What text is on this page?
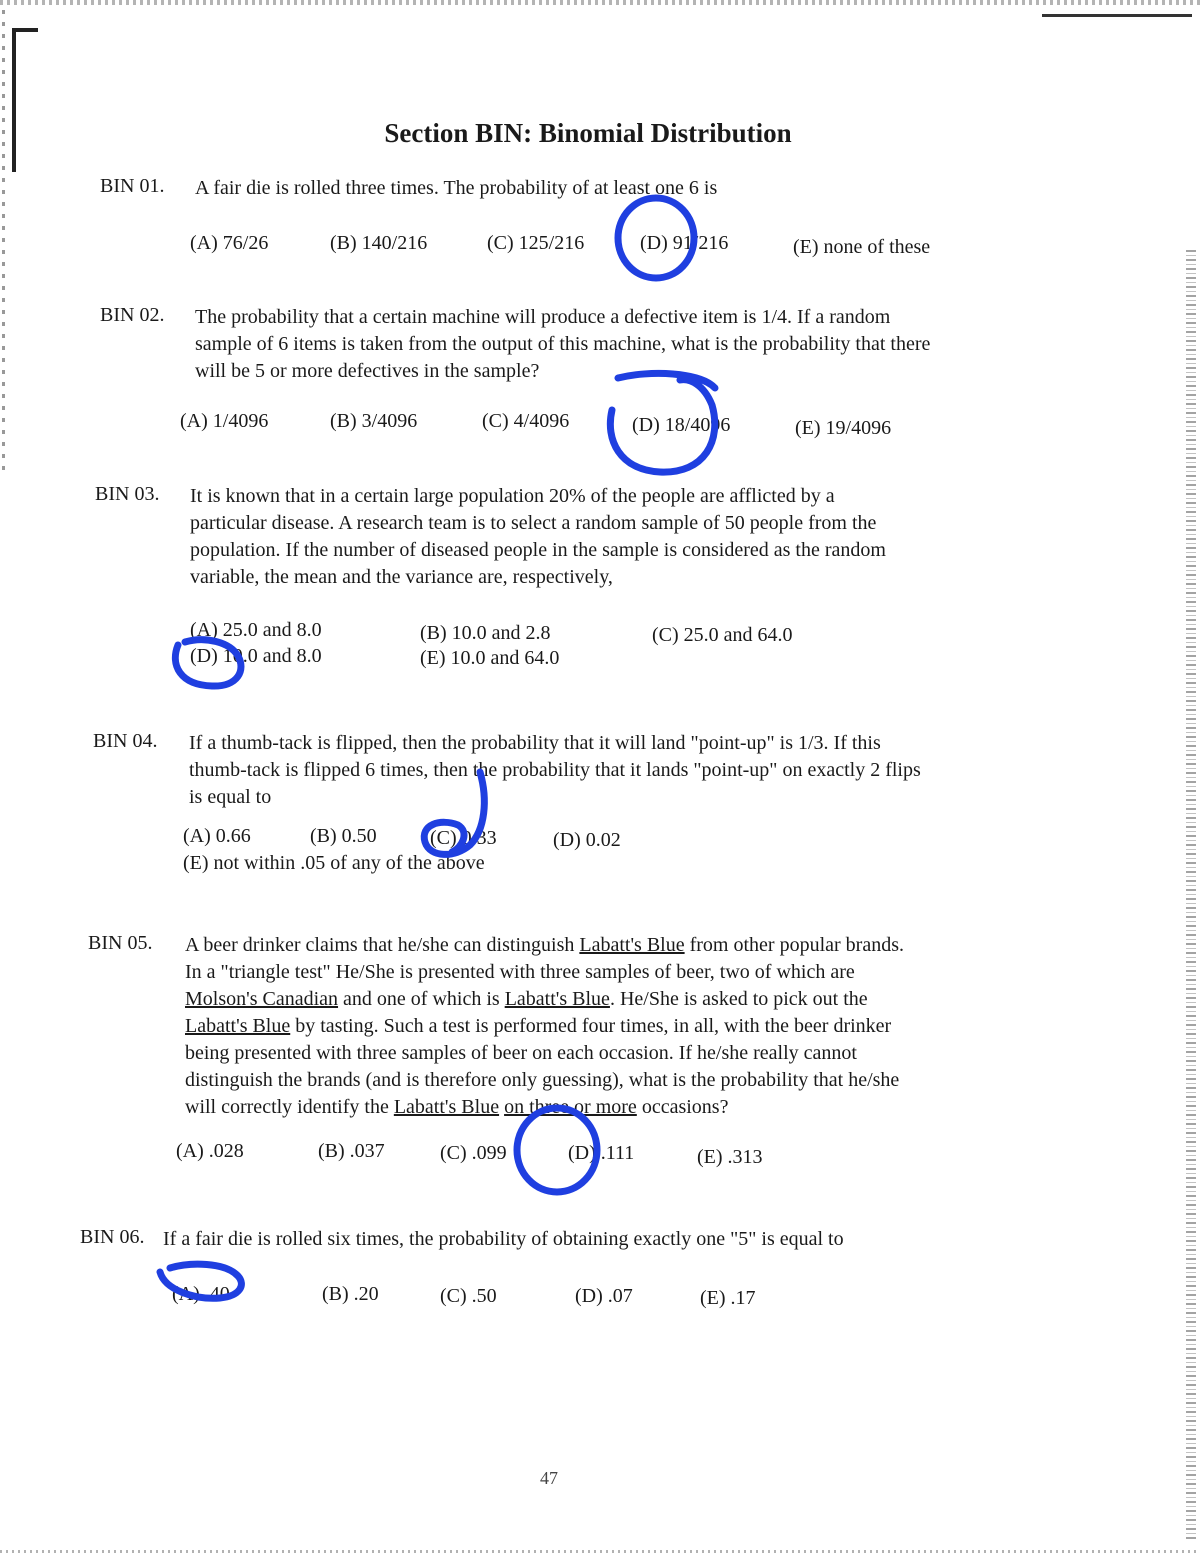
Section BIN: Binomial Distribution
BIN 01. A fair die is rolled three times. The probability of at least one 6 is
(A) 76/26	(B) 140/216	(C) 125/216	(D) 91/216	(E) none of these
BIN 02. The probability that a certain machine will produce a defective item is 1/4. If a random
sample of 6 items is taken from the output of this machine, what is the probability that there
will be 5 or more defectives in the sample?
(A) 1/4096	(B) 3/4096	(C) 4/4096	(D) 18/4096	(E) 19/4096
BIN 03. It is known that in a certain large population 20% of the people are afflicted by a
particular disease. A research team is to select a random sample of 50 people from the
population. If the number of diseased people in the sample is considered as the random
variable, the mean and the variance are, respectively,
(A) 25.0 and 8.0	(B) 10.0 and 2.8	(C) 25.0 and 64.0
(D) 10.0 and 8.0	(E) 10.0 and 64.0
BIN 04. If a thumb-tack is flipped, then the probability that it will land "point-up" is 1/3. If this
thumb-tack is flipped 6 times, then the probability that it lands "point-up" on exactly 2 flips
is equal to
(A) 0.66	(B) 0.50	(C) 0.33	(D) 0.02
(E) not within .05 of any of the above
BIN 05. A beer drinker claims that he/she can distinguish Labatt's Blue from other popular brands.
In a "triangle test" He/She is presented with three samples of beer, two of which are
Molson's Canadian and one of which is Labatt's Blue. He/She is asked to pick out the
Labatt's Blue by tasting. Such a test is performed four times, in all, with the beer drinker
being presented with three samples of beer on each occasion. If he/she really cannot
distinguish the brands (and is therefore only guessing), what is the probability that he/she
will correctly identify the Labatt's Blue on three or more occasions?
(A) .028	(B) .037	(C) .099	(D) .111	(E) .313
BIN 06. If a fair die is rolled six times, the probability of obtaining exactly one "5" is equal to
(A) .40	(B) .20	(C) .50	(D) .07	(E) .17
47
